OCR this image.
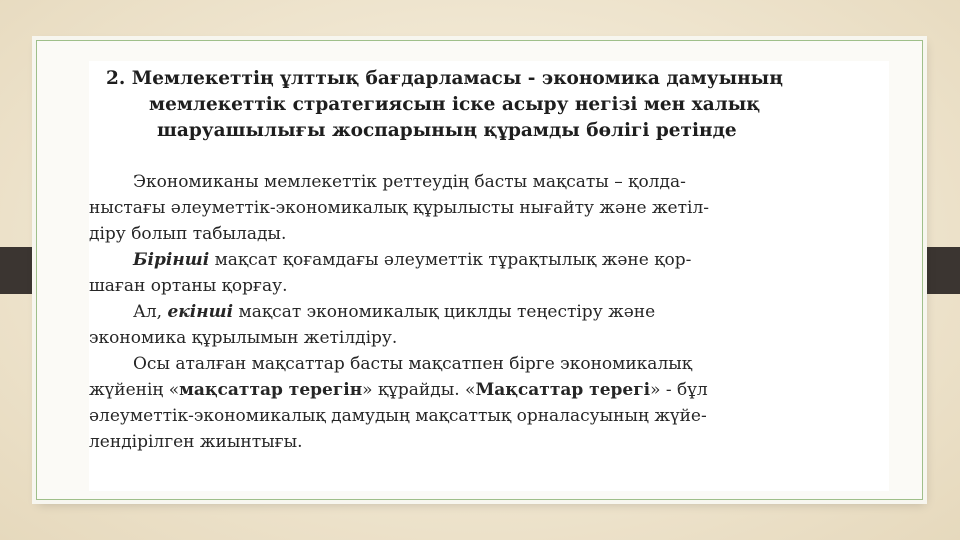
2. Мемлекеттің ұлттық бағдарламасы - экономика дамуының
мемлекеттік стратегиясын іске асыру негізі мен халық
шаруашылығы жоспарының құрамды бөлігі ретінде
Экономиканы мемлекеттік реттеудің басты мақсаты – қолда-
ныстағы әлеуметтік-экономикалық құрылысты нығайту және жетіл-
діру болып табылады.
Бірінші мақсат қоғамдағы әлеуметтік тұрақтылық және қор-
шаған ортаны қорғау.
Ал, екінші мақсат экономикалық циклды теңестіру және
экономика құрылымын жетілдіру.
Осы аталған мақсаттар басты мақсатпен бірге экономикалық
жүйенің «мақсаттар терегін» құрайды. «Мақсаттар терегі» - бұл
әлеуметтік-экономикалық дамудың мақсаттық орналасуының жүйе-
лендірілген жиынтығы.
